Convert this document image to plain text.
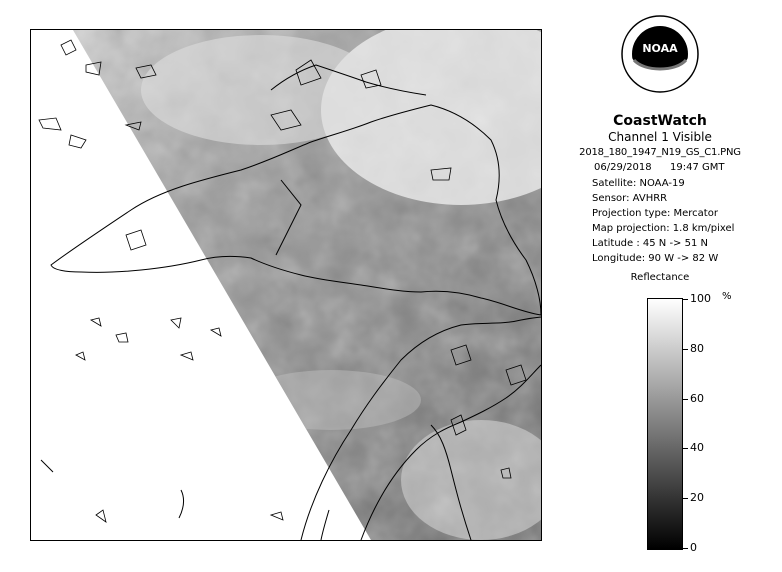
NOAA
CoastWatch
Channel 1 Visible
2018_180_1947_N19_GS_C1.PNG
06/29/2018 19:47 GMT
Satellite: NOAA-19
Sensor: AVHRR
Projection type: Mercator
Map projection: 1.8 km/pixel
Latitude : 45 N -> 51 N
Longitude: 90 W -> 82 W
Reflectance
%
100
80
60
40
20
0
